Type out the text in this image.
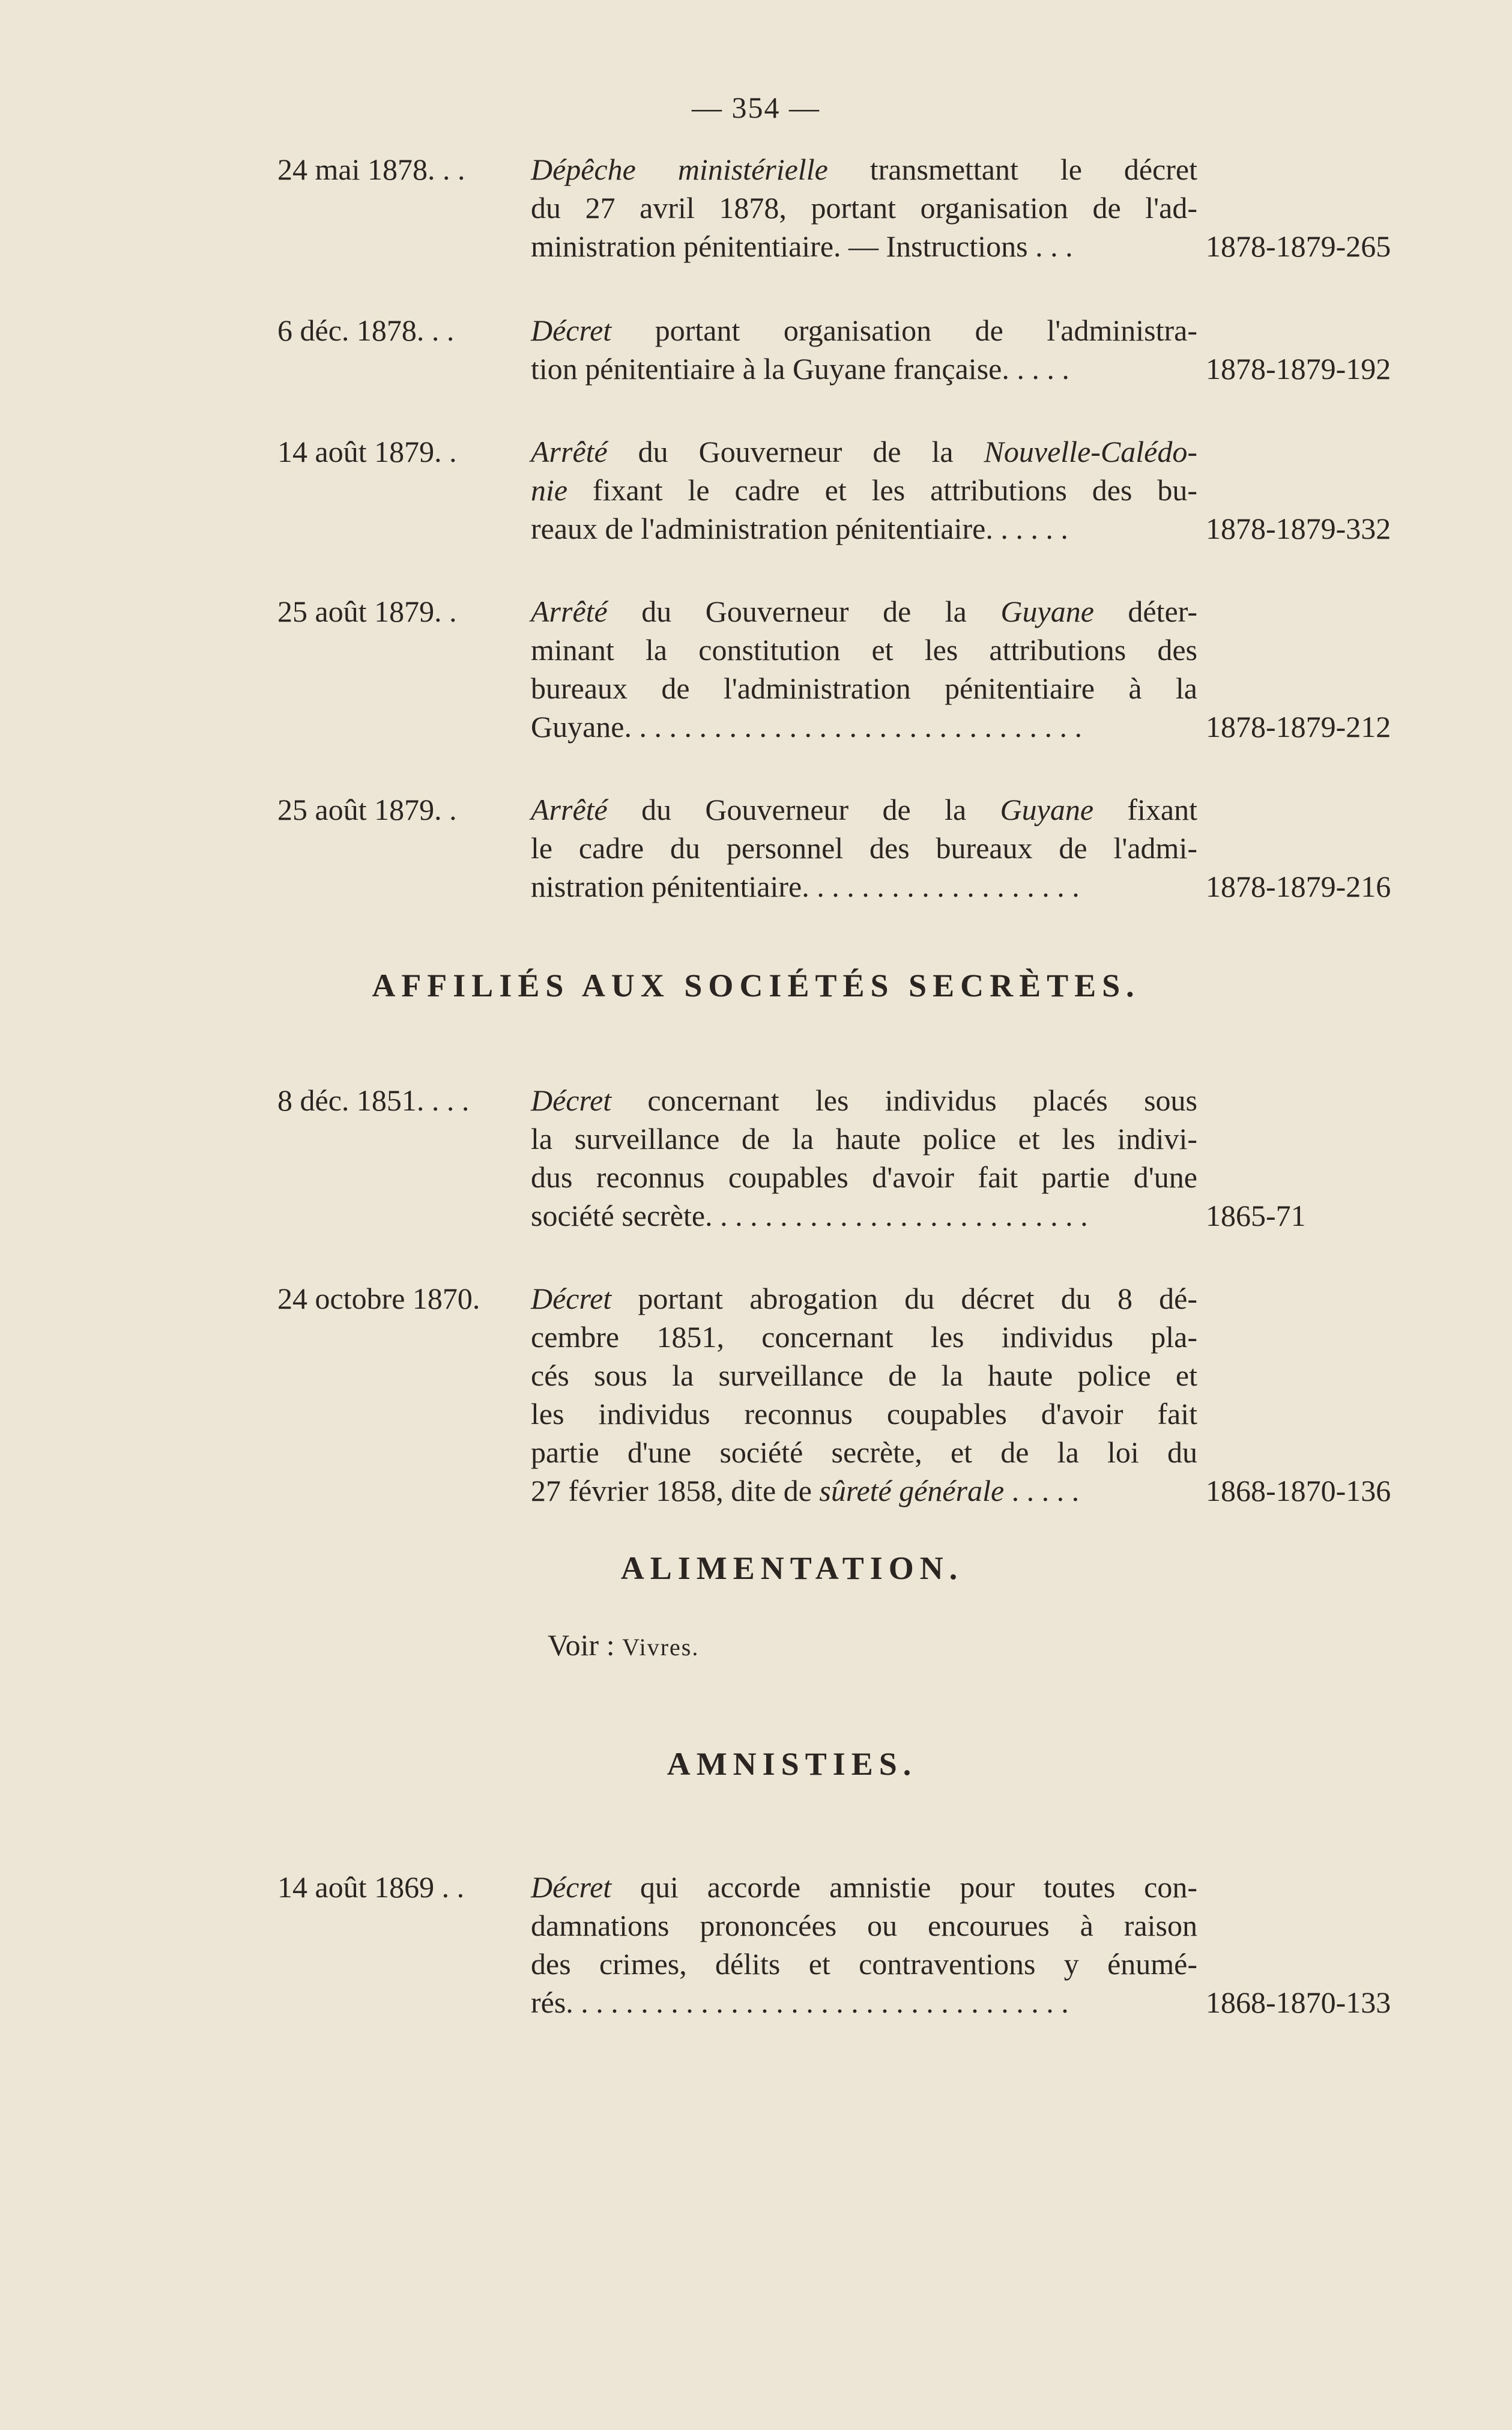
— 354 —
24 mai 1878. . . Dépêche ministérielle transmettant le décret
du 27 avril 1878, portant organisation de l'ad-
ministration pénitentiaire. — Instructions . . .	1878-1879-265
6 déc. 1878. . .	Décret portant organisation de l'administra-
tion pénitentiaire à la Guyane française. . . . .	1878-1879-192
14 août 1879. . Arrêté du Gouverneur de la Nouvelle-Calédo-
nie fixant le cadre et les attributions des bu-
reaux de l'administration pénitentiaire. . . . . .	1878-1879-332
25 août 1879. . Arrêté du Gouverneur de la Guyane déter-
minant la constitution et les attributions des
bureaux de l'administration pénitentiaire à la
Guyane. . . . . . . . . . . . . . . . . . . . . . . . . . . . . . .	1878-1879-212
25 août 1879. . Arrêté du Gouverneur de la Guyane fixant
le cadre du personnel des bureaux de l'admi-
nistration pénitentiaire. . . . . . . . . . . . . . . . . . .	1878-1879-216
AFFILIÉS AUX SOCIÉTÉS SECRÈTES.
8 déc. 1851. . . . Décret concernant les individus placés sous
la surveillance de la haute police et les indivi-
dus reconnus coupables d'avoir fait partie d'une
société secrète. . . . . . . . . . . . . . . . . . . . . . . . . .	1865-71
24 octobre 1870. Décret portant abrogation du décret du 8 dé-
cembre 1851, concernant les individus pla-
cés sous la surveillance de la haute police et
les individus reconnus coupables d'avoir fait
partie d'une société secrète, et de la loi du
27 février 1858, dite de sûreté générale . . . . .	1868-1870-136
ALIMENTATION.
Voir : Vivres.
AMNISTIES.
14 août 1869 . . Décret qui accorde amnistie pour toutes con-
damnations prononcées ou encourues à raison
des crimes, délits et contraventions y énumé-
rés. . . . . . . . . . . . . . . . . . . . . . . . . . . . . . . . . .	1868-1870-133
